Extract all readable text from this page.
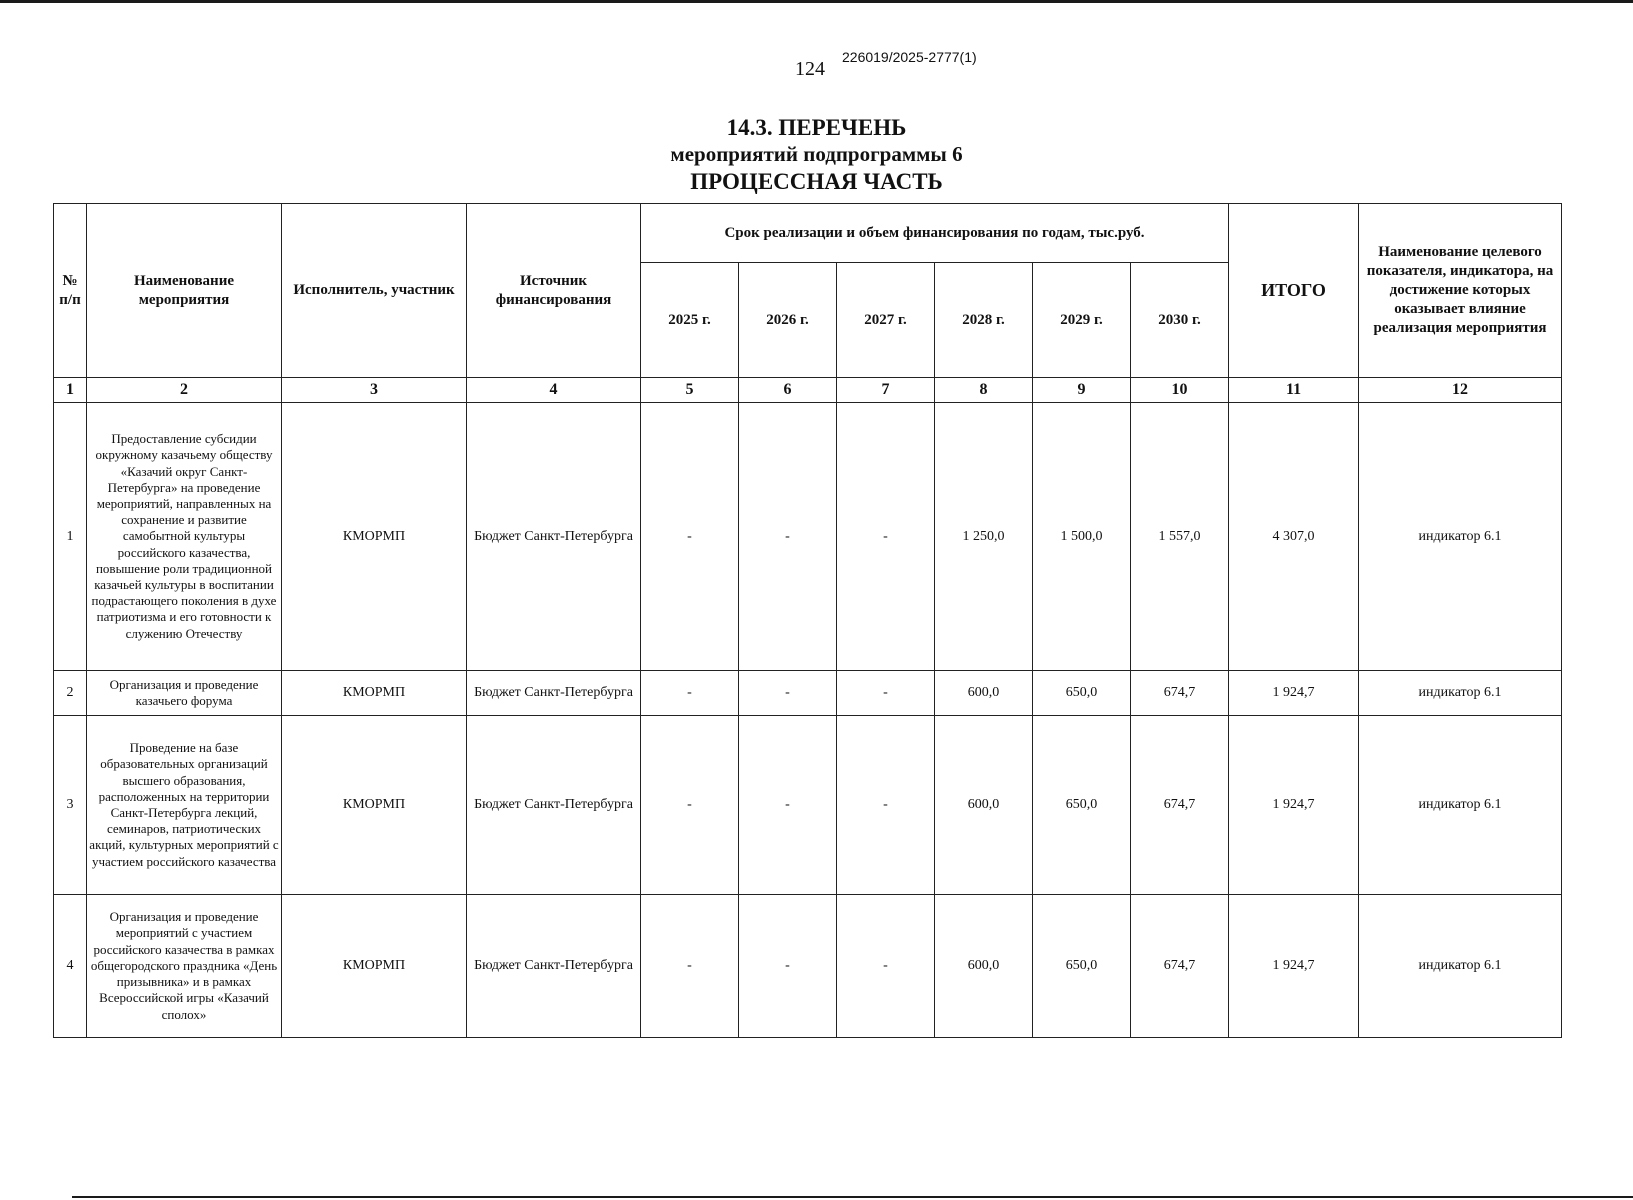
124
226019/2025-2777(1)
14.3. ПЕРЕЧЕНЬ
мероприятий подпрограммы 6
ПРОЦЕССНАЯ ЧАСТЬ
№ п/п	Наименование мероприятия	Исполнитель, участник	Источник финансирования	Срок реализации и объем финансирования по годам, тыс.руб.						ИТОГО	Наименование целевого показателя, индикатора, на достижение которых оказывает влияние реализация мероприятия
				2025 г.	2026 г.	2027 г.	2028 г.	2029 г.	2030 г.		
1	2	3	4	5	6	7	8	9	10	11	12
1	Предоставление субсидии окружному казачьему обществу «Казачий округ Санкт-Петербурга» на проведение мероприятий, направленных на сохранение и развитие самобытной культуры российского казачества, повышение роли традиционной казачьей культуры в воспитании подрастающего поколения в духе патриотизма и его готовности к служению Отечеству	КМОРМП	Бюджет Санкт-Петербурга	-	-	-	1 250,0	1 500,0	1 557,0	4 307,0	индикатор 6.1
2	Организация и проведение казачьего форума	КМОРМП	Бюджет Санкт-Петербурга	-	-	-	600,0	650,0	674,7	1 924,7	индикатор 6.1
3	Проведение на базе образовательных организаций высшего образования, расположенных на территории Санкт-Петербурга лекций, семинаров, патриотических акций, культурных мероприятий с участием российского казачества	КМОРМП	Бюджет Санкт-Петербурга	-	-	-	600,0	650,0	674,7	1 924,7	индикатор 6.1
4	Организация и проведение мероприятий с участием российского казачества в рамках общегородского праздника «День призывника» и в рамках Всероссийской игры «Казачий сполох»	КМОРМП	Бюджет Санкт-Петербурга	-	-	-	600,0	650,0	674,7	1 924,7	индикатор 6.1
